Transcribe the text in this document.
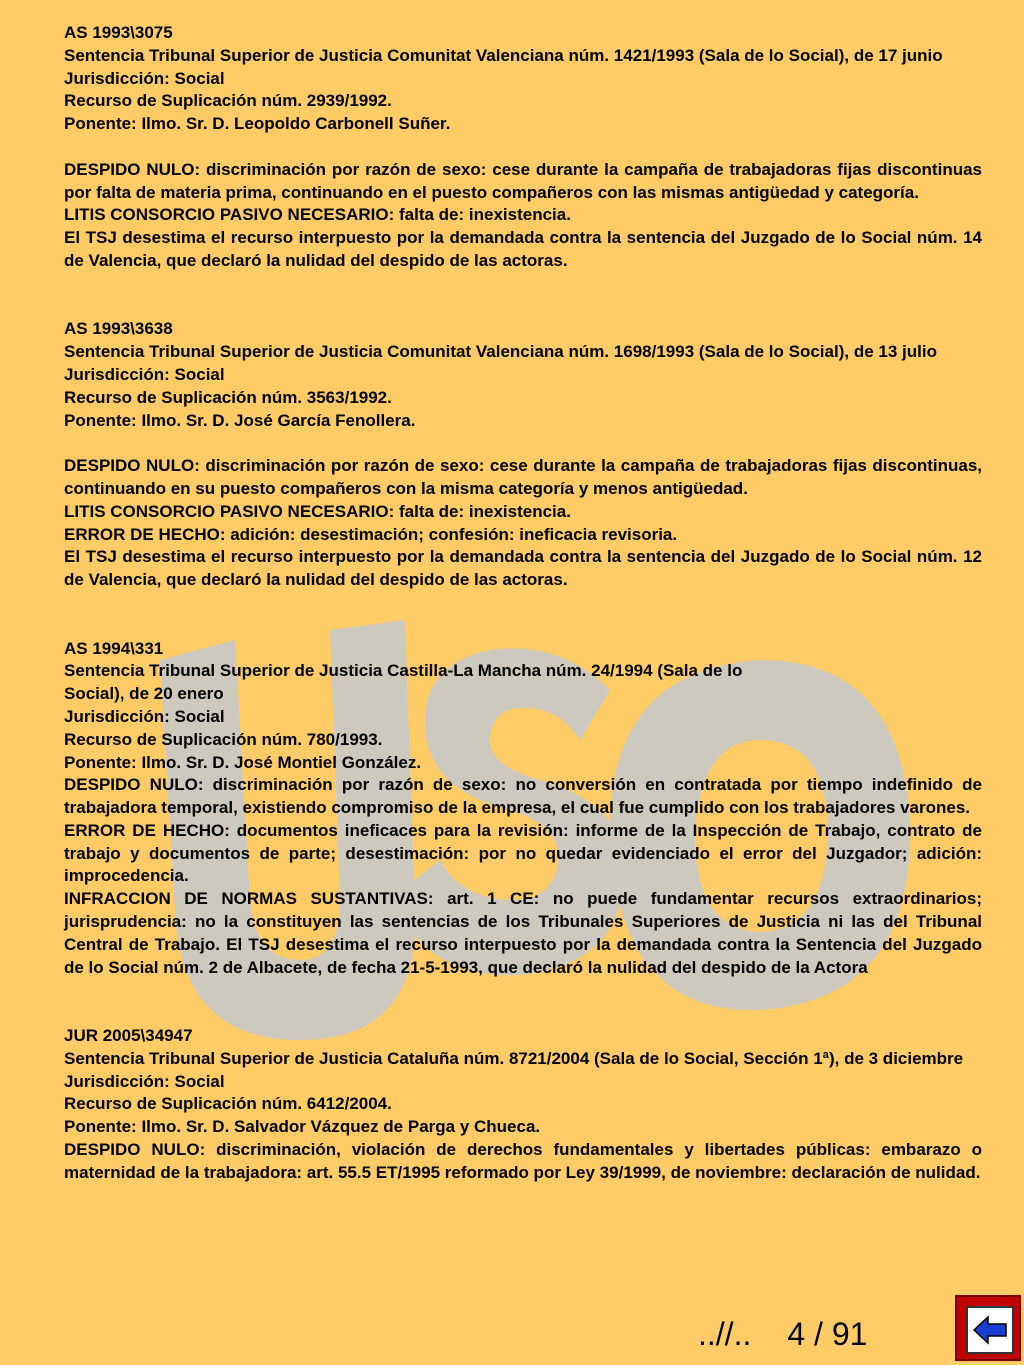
AS 1993\3075

Sentencia Tribunal Superior de Justicia Comunitat Valenciana núm. 1421/1993 (Sala de lo Social), de 17 junio

Jurisdicción: Social

Recurso de Suplicación núm. 2939/1992.

Ponente: Ilmo. Sr. D. Leopoldo Carbonell Suñer.

DESPIDO NULO: discriminación por razón de sexo: cese durante la campaña de trabajadoras fijas discontinuas por falta de materia prima, continuando en el puesto compañeros con las mismas antigüedad y categoría.

LITIS CONSORCIO PASIVO NECESARIO: falta de: inexistencia.

El TSJ desestima el recurso interpuesto por la demandada contra la sentencia del Juzgado de lo Social núm. 14 de Valencia, que declaró la nulidad del despido de las actoras.

AS 1993\3638

Sentencia Tribunal Superior de Justicia Comunitat Valenciana núm. 1698/1993 (Sala de lo Social), de 13 julio

Jurisdicción: Social

Recurso de Suplicación núm. 3563/1992.

Ponente: Ilmo. Sr. D. José García Fenollera.

DESPIDO NULO: discriminación por razón de sexo: cese durante la campaña de trabajadoras fijas discontinuas, continuando en su puesto compañeros con la misma categoría y menos antigüedad.

LITIS CONSORCIO PASIVO NECESARIO: falta de: inexistencia.

ERROR DE HECHO: adición: desestimación; confesión: ineficacia revisoria.

El TSJ desestima el recurso interpuesto por la demandada contra la sentencia del Juzgado de lo Social núm. 12 de Valencia, que declaró la nulidad del despido de las actoras.

AS 1994\331

Sentencia Tribunal Superior de Justicia Castilla-La Mancha núm. 24/1994 (Sala de lo

Social), de 20 enero

Jurisdicción: Social

Recurso de Suplicación núm. 780/1993.

Ponente: Ilmo. Sr. D. José Montiel González.

DESPIDO NULO: discriminación por razón de sexo: no conversión en contratada por tiempo indefinido de trabajadora temporal, existiendo compromiso de la empresa, el cual fue cumplido con los trabajadores varones.

ERROR DE HECHO: documentos ineficaces para la revisión: informe de la Inspección de Trabajo, contrato de trabajo y documentos de parte; desestimación: por no quedar evidenciado el error del Juzgador; adición: improcedencia.

INFRACCION DE NORMAS SUSTANTIVAS: art. 1 CE: no puede fundamentar recursos extraordinarios; jurisprudencia: no la constituyen las sentencias de los Tribunales Superiores de Justicia ni las del Tribunal Central de Trabajo. El TSJ desestima el recurso interpuesto por la demandada contra la Sentencia del Juzgado de lo Social núm. 2 de Albacete, de fecha 21-5-1993, que declaró la nulidad del despido de la Actora

JUR 2005\34947

Sentencia Tribunal Superior de Justicia Cataluña núm. 8721/2004 (Sala de lo Social, Sección 1ª), de 3 diciembre

Jurisdicción: Social

Recurso de Suplicación núm. 6412/2004.

Ponente: Ilmo. Sr. D. Salvador Vázquez de Parga y Chueca.

DESPIDO NULO: discriminación, violación de derechos fundamentales y libertades públicas: embarazo o maternidad de la trabajadora: art. 55.5 ET/1995 reformado por Ley 39/1999, de noviembre: declaración de nulidad.

..//.. 4 / 91
